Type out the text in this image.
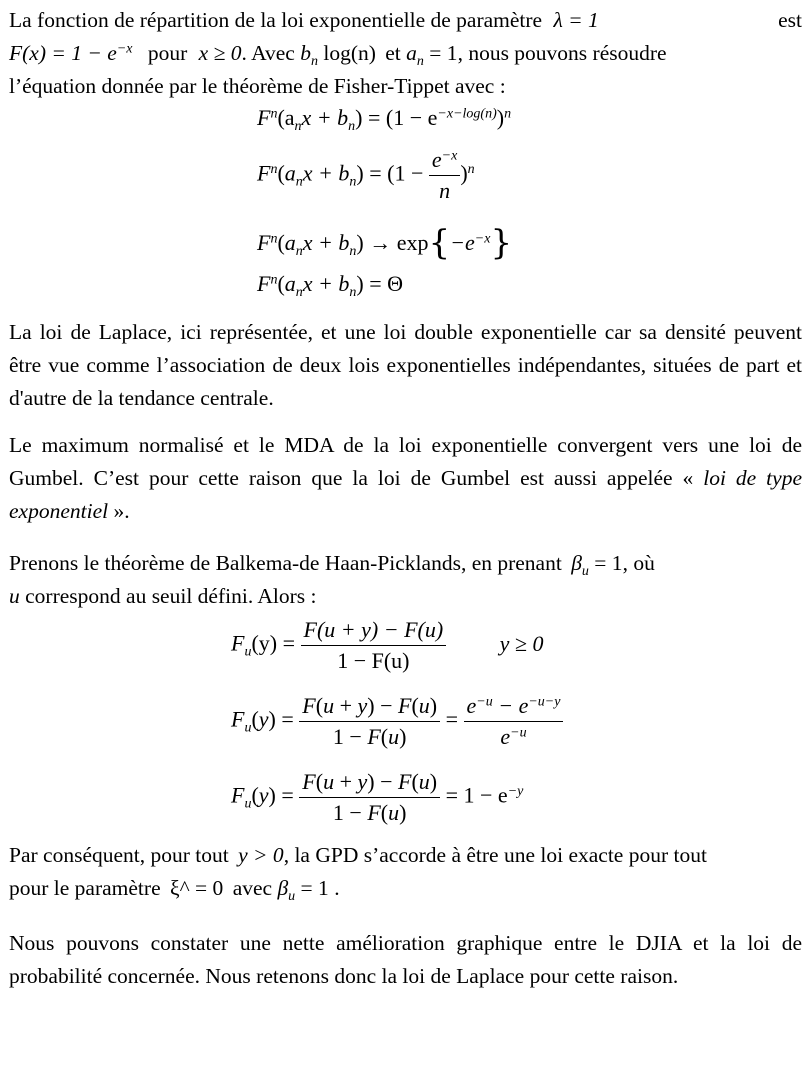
La fonction de répartition de la loi exponentielle de paramètre λ = 1	est

$F(x) = 1 - e^{-x}$ pour x ≥ 0. Avec $b_n$ log(n) et $a_n = 1$, nous pouvons résoudre
l’équation donnée par le théorème de Fisher-Tippet avec :

$F^n(a_nx + b_n) = (1 - e^{-x-log(n)})^n$
$F^n(a_nx + b_n) = (1 - \frac{e^{-x}}{n} )^n$
$F^n(a_nx + b_n) \to \exp\{-e^{-x}\}$
$F^n(a_nx + b_n) = \Theta$

La loi de Laplace, ici représentée, et une loi double exponentielle car sa densité peuvent être vue comme l’association de deux lois exponentielles indépendantes, situées de part et d'autre de la tendance centrale.

Le maximum normalisé et le MDA de la loi exponentielle convergent vers une loi de Gumbel. C’est pour cette raison que la loi de Gumbel est aussi appelée « loi de type exponentiel ».

Prenons le théorème de Balkema-de Haan-Picklands, en prenant $\beta_u = 1$, où
u correspond au seuil défini. Alors :

$F_u(y) = \frac{F(u + y) - F(u)}{1 - F(u)}$ y ≥ 0
$F_u(y) = \frac{F(u + y) - F(u)}{1 - F(u)} = \frac{e^{-u} - e^{-u-y}}{e^{-u}}$
$F_u(y) = \frac{F(u + y) - F(u)}{1 - F(u)} = 1 - e^{-y}$

Par conséquent, pour tout y > 0, la GPD s’accorde à être une loi exacte pour tout
pour le paramètre ξ^ = 0 avec $\beta_u = 1$ .

Nous pouvons constater une nette amélioration graphique entre le DJIA et la loi de probabilité concernée. Nous retenons donc la loi de Laplace pour cette raison.
